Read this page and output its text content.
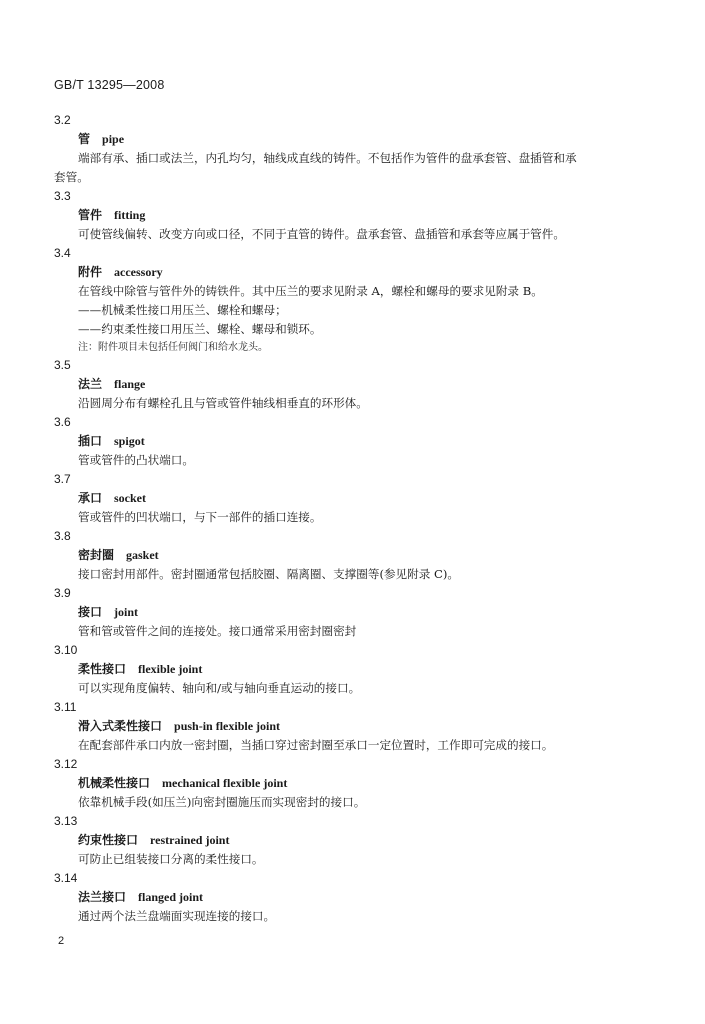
GB/T 13295—2008
3.2
管 pipe
端部有承、插口或法兰，内孔均匀，轴线成直线的铸件。不包括作为管件的盘承套管、盘插管和承
套管。
3.3
管件 fitting
可使管线偏转、改变方向或口径，不同于直管的铸件。盘承套管、盘插管和承套等应属于管件。
3.4
附件 accessory
在管线中除管与管件外的铸铁件。其中压兰的要求见附录 A，螺栓和螺母的要求见附录 B。
——机械柔性接口用压兰、螺栓和螺母；
——约束柔性接口用压兰、螺栓、螺母和锁环。
注：附件项目未包括任何阀门和给水龙头。
3.5
法兰 flange
沿圆周分布有螺栓孔且与管或管件轴线相垂直的环形体。
3.6
插口 spigot
管或管件的凸状端口。
3.7
承口 socket
管或管件的凹状端口，与下一部件的插口连接。
3.8
密封圈 gasket
接口密封用部件。密封圈通常包括胶圈、隔离圈、支撑圈等(参见附录 C)。
3.9
接口 joint
管和管或管件之间的连接处。接口通常采用密封圈密封
3.10
柔性接口 flexible joint
可以实现角度偏转、轴向和/或与轴向垂直运动的接口。
3.11
滑入式柔性接口 push-in flexible joint
在配套部件承口内放一密封圈，当插口穿过密封圈至承口一定位置时，工作即可完成的接口。
3.12
机械柔性接口 mechanical flexible joint
依靠机械手段(如压兰)向密封圈施压而实现密封的接口。
3.13
约束性接口 restrained joint
可防止已组装接口分离的柔性接口。
3.14
法兰接口 flanged joint
通过两个法兰盘端面实现连接的接口。
2
